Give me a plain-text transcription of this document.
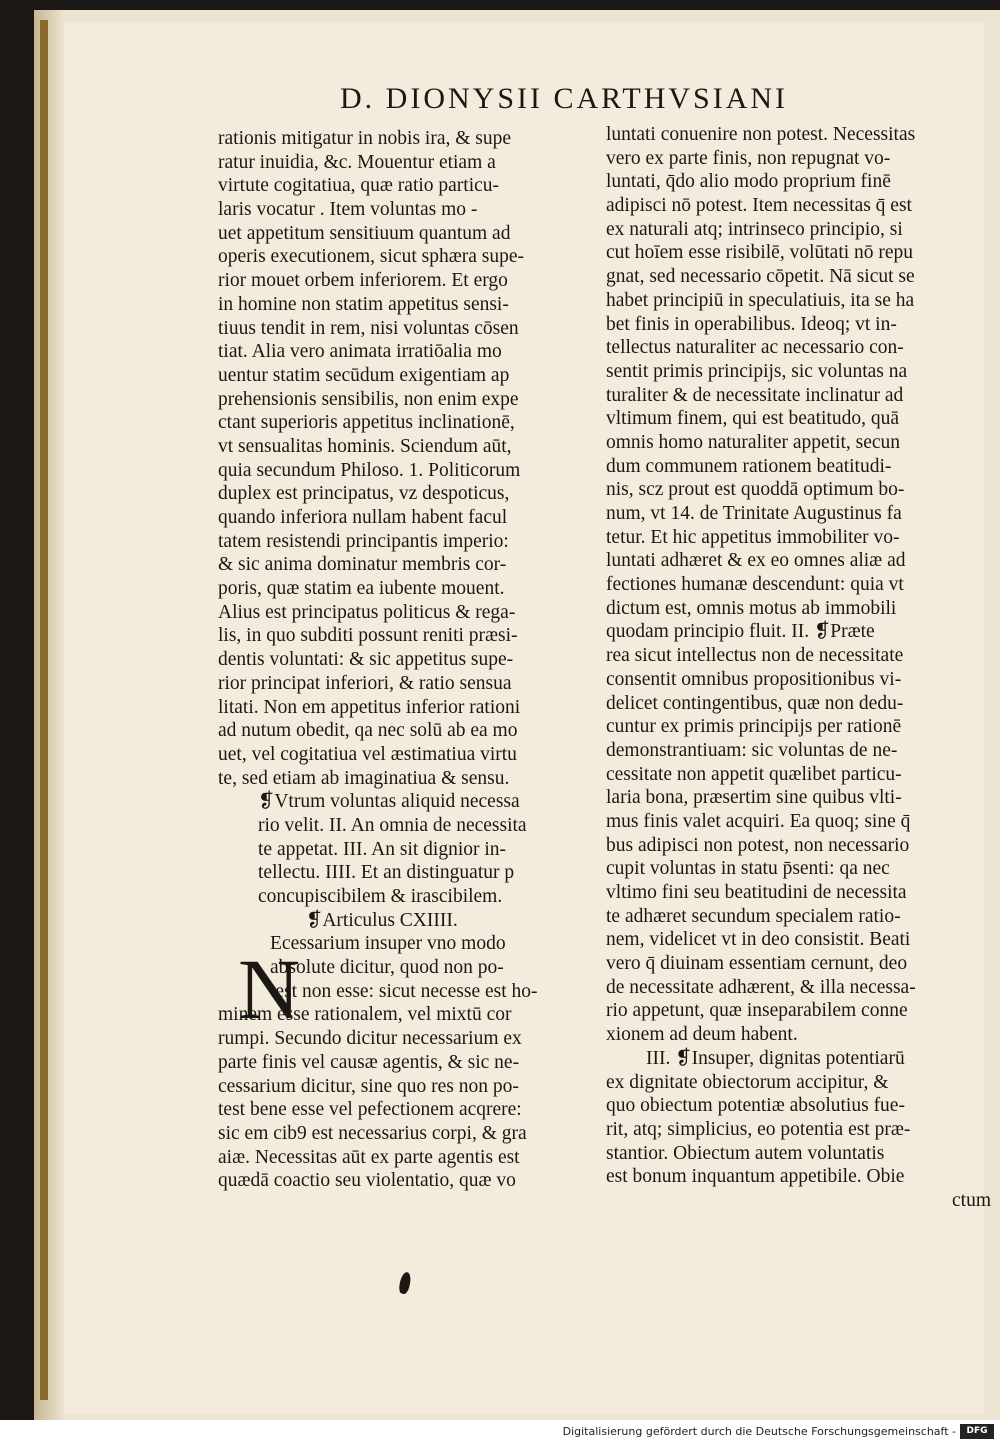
D. DIONYSII CARTHVSIANI
N
rationis mitigatur in nobis ira, & supe
ratur inuidia, &c. Mouentur etiam a
virtute cogitatiua, quæ ratio particu-
laris vocatur . Item voluntas mo -
uet appetitum sensitiuum quantum ad
operis executionem, sicut sphæra supe-
rior mouet orbem inferiorem. Et ergo
in homine non statim appetitus sensi-
tiuus tendit in rem, nisi voluntas cōsen
tiat. Alia vero animata irratiōalia mo
uentur statim secūdum exigentiam ap
prehensionis sensibilis, non enim expe
ctant superioris appetitus inclinationē,
vt sensualitas hominis. Sciendum aūt,
quia secundum Philoso. 1. Politicorum
duplex est principatus, vz despoticus,
quando inferiora nullam habent facul
tatem resistendi principantis imperio:
& sic anima dominatur membris cor-
poris, quæ statim ea iubente mouent.
Alius est principatus politicus & rega-
lis, in quo subditi possunt reniti præsi-
dentis voluntati: & sic appetitus supe-
rior principat inferiori, & ratio sensua
litati. Non em appetitus inferior rationi
ad nutum obedit, qa nec solū ab ea mo
uet, vel cogitatiua vel æstimatiua virtu
te, sed etiam ab imaginatiua & sensu.
❡Vtrum voluntas aliquid necessa
rio velit. II. An omnia de necessita
te appetat. III. An sit dignior in-
tellectu. IIII. Et an distinguatur p
concupiscibilem & irascibilem.
❡Articulus CXIIII.
Ecessarium insuper vno modo
absolute dicitur, quod non po-
test non esse: sicut necesse est ho-
minem esse rationalem, vel mixtū cor
rumpi. Secundo dicitur necessarium ex
parte finis vel causæ agentis, & sic ne-
cessarium dicitur, sine quo res non po-
test bene esse vel pefectionem acqrere:
sic em cib9 est necessarius corpi, & gra
aiæ. Necessitas aūt ex parte agentis est
quædā coactio seu violentatio, quæ vo
luntati conuenire non potest. Necessitas
vero ex parte finis, non repugnat vo-
luntati, q̄do alio modo proprium finē
adipisci nō potest. Item necessitas q̄ est
ex naturali atq; intrinseco principio, si
cut hoīem esse risibilē, volūtati nō repu
gnat, sed necessario cōpetit. Nā sicut se
habet principiū in speculatiuis, ita se ha
bet finis in operabilibus. Ideoq; vt in-
tellectus naturaliter ac necessario con-
sentit primis principijs, sic voluntas na
turaliter & de necessitate inclinatur ad
vltimum finem, qui est beatitudo, quā
omnis homo naturaliter appetit, secun
dum communem rationem beatitudi-
nis, scz prout est quoddā optimum bo-
num, vt 14. de Trinitate Augustinus fa
tetur. Et hic appetitus immobiliter vo-
luntati adhæret & ex eo omnes aliæ ad
fectiones humanæ descendunt: quia vt
dictum est, omnis motus ab immobili
quodam principio fluit. II. ❡Præte
rea sicut intellectus non de necessitate
consentit omnibus propositionibus vi-
delicet contingentibus, quæ non dedu-
cuntur ex primis principijs per rationē
demonstrantiuam: sic voluntas de ne-
cessitate non appetit quælibet particu-
laria bona, præsertim sine quibus vlti-
mus finis valet acquiri. Ea quoq; sine q̄
bus adipisci non potest, non necessario
cupit voluntas in statu p̄senti: qa nec
vltimo fini seu beatitudini de necessita
te adhæret secundum specialem ratio-
nem, videlicet vt in deo consistit. Beati
vero q̄ diuinam essentiam cernunt, deo
de necessitate adhærent, & illa necessa-
rio appetunt, quæ inseparabilem conne
xionem ad deum habent.
III. ❡Insuper, dignitas potentiarū
ex dignitate obiectorum accipitur, &
quo obiectum potentiæ absolutius fue-
rit, atq; simplicius, eo potentia est præ-
stantior. Obiectum autem voluntatis
est bonum inquantum appetibile. Obie
ctum
Digitalisierung gefördert durch die Deutsche Forschungsgemeinschaft -	DFG
